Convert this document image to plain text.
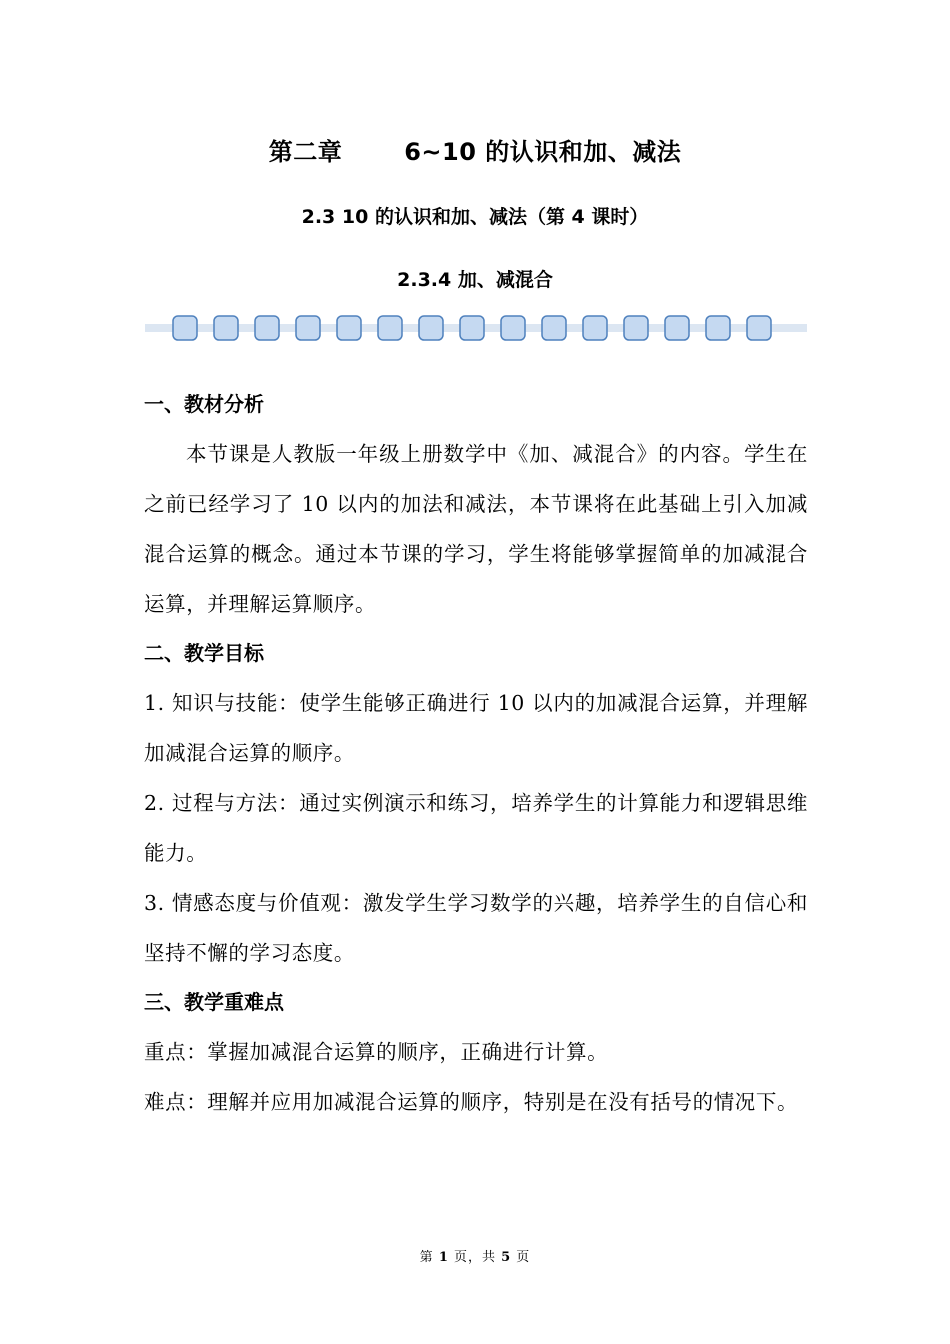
第二章       6~10 的认识和加、减法
2.3 10 的认识和加、减法（第 4 课时）
2.3.4 加、减混合

一、教材分析

本节课是人教版一年级上册数学中《加、减混合》的内容。学生在之前已经学习了 10 以内的加法和减法，本节课将在此基础上引入加减混合运算的概念。通过本节课的学习，学生将能够掌握简单的加减混合运算，并理解运算顺序。

二、教学目标

1. 知识与技能：使学生能够正确进行 10 以内的加减混合运算，并理解加减混合运算的顺序。

2. 过程与方法：通过实例演示和练习，培养学生的计算能力和逻辑思维能力。

3. 情感态度与价值观：激发学生学习数学的兴趣，培养学生的自信心和坚持不懈的学习态度。

三、教学重难点

重点：掌握加减混合运算的顺序，正确进行计算。

难点：理解并应用加减混合运算的顺序，特别是在没有括号的情况下。

第 1 页，共 5 页
